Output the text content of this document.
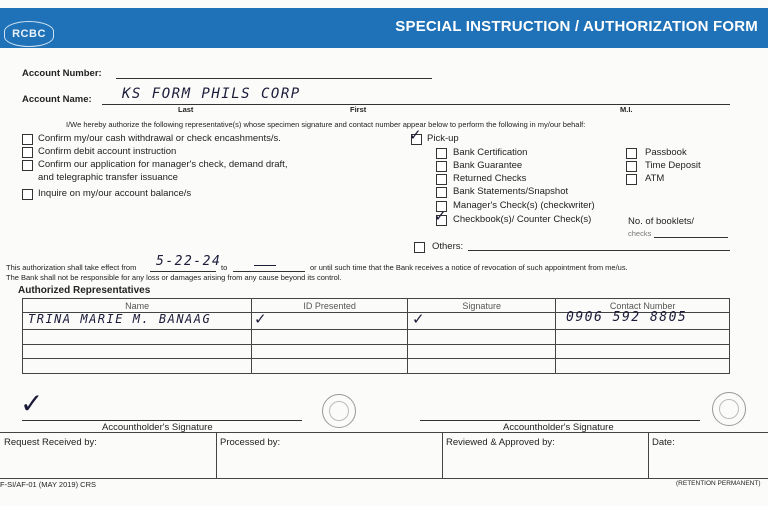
RCBC	SPECIAL INSTRUCTION / AUTHORIZATION FORM
Account Number:
Account Name: KS FORM PHILS CORP
Last	First	M.I.
I/We hereby authorize the following representative(s) whose specimen signature and contact number appear below to perform the following in my/our behalf:
Confirm my/our cash withdrawal or check encashments/s.
Confirm debit account instruction
Confirm our application for manager's check, demand draft,
and telegraphic transfer issuance
Inquire on my/our account balance/s
✓ Pick-up
Bank Certification
Bank Guarantee
Returned Checks
Bank Statements/Snapshot
Manager's Check(s) (checkwriter)
✓ Checkbook(s)/ Counter Check(s)
Passbook
Time Deposit
ATM
No. of booklets/
checks
Others:
This authorization shall take effect from 5-22-24 to	or until such time that the Bank receives a notice of revocation of such appointment from me/us.
The Bank shall not be responsible for any loss or damages arising from any cause beyond its control.
Authorized Representatives
Name	ID Presented	Signature	Contact Number

TRINA MARIE M. BANAAG	✓	✓	0906 592 8805
✓
Accountholder's Signature	Accountholder's Signature
Request Received by:	Processed by:	Reviewed & Approved by:	Date:
F-SI/AF-01 (MAY 2019) CRS	(RETENTION PERMANENT)
